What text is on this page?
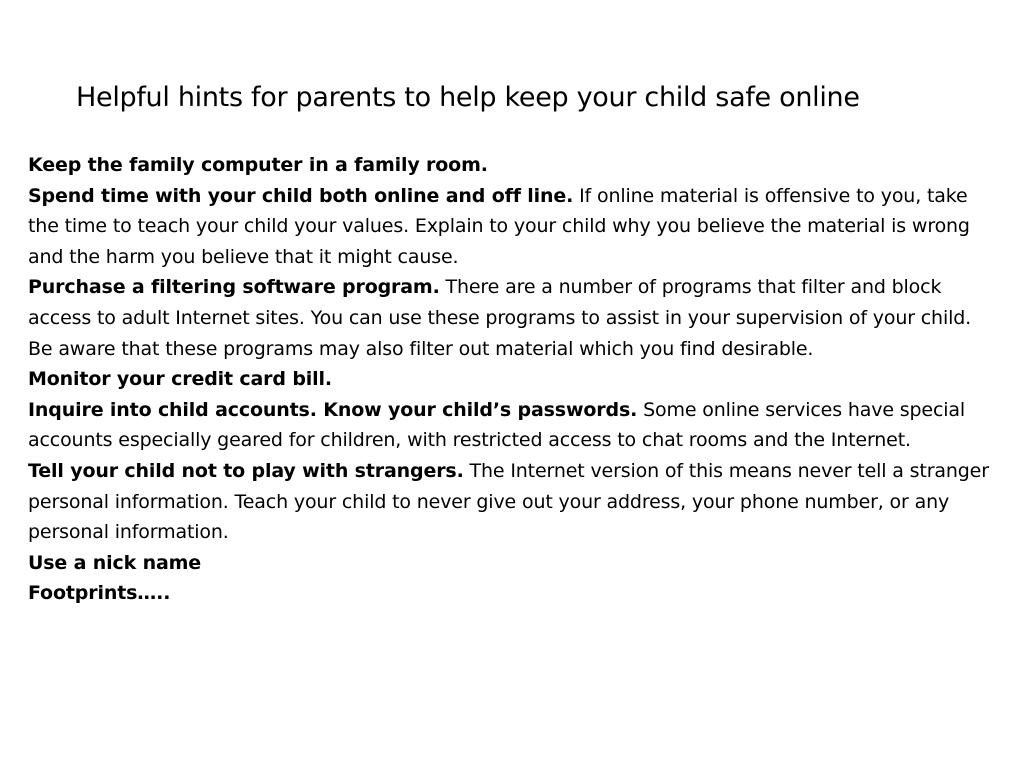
Helpful hints for parents to help keep your child safe online

Keep the family computer in a family room.

Spend time with your child both online and off line. If online material is offensive to you, take the time to teach your child your values. Explain to your child why you believe the material is wrong and the harm you believe that it might cause.

Purchase a filtering software program. There are a number of programs that filter and block access to adult Internet sites. You can use these programs to assist in your supervision of your child. Be aware that these programs may also filter out material which you find desirable.

Monitor your credit card bill.

Inquire into child accounts. Know your child’s passwords. Some online services have special accounts especially geared for children, with restricted access to chat rooms and the Internet.

Tell your child not to play with strangers. The Internet version of this means never tell a stranger personal information. Teach your child to never give out your address, your phone number, or any personal information.

Use a nick name

Footprints…..
